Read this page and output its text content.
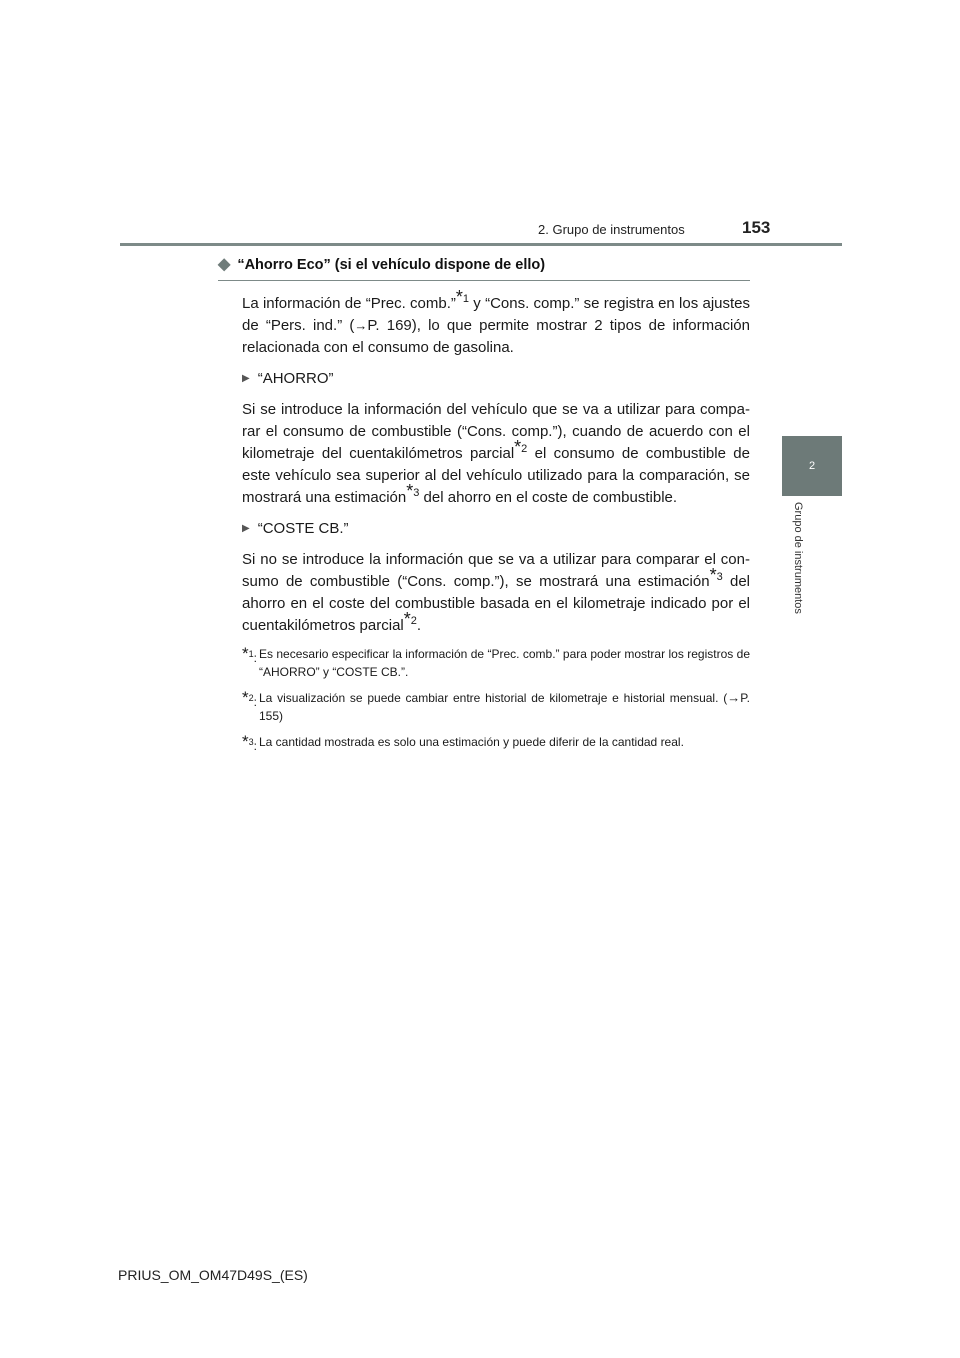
2. Grupo de instrumentos	153
2
Grupo de instrumentos
◆ “Ahorro Eco” (si el vehículo dispone de ello)

La información de “Prec. comb.”*$^1$ y “Cons. comp.” se registra en los ajustes de “Pers. ind.” (→P. 169), lo que permite mostrar 2 tipos de información relacionada con el consumo de gasolina.

▶ “AHORRO”

Si se introduce la información del vehículo que se va a utilizar para comparar el consumo de combustible (“Cons. comp.”), cuando de acuerdo con el kilometraje del cuentakilómetros parcial*$^2$ el consumo de combustible de este vehículo sea superior al del vehículo utilizado para la comparación, se mostrará una estimación*$^3$ del ahorro en el coste de combustible.

▶ “COSTE CB.”

Si no se introduce la información que se va a utilizar para comparar el consumo de combustible (“Cons. comp.”), se mostrará una estimación*$^3$ del ahorro en el coste del combustible basada en el kilometraje indicado por el cuentakilómetros parcial*$^2$.

*$^1$: Es necesario especificar la información de “Prec. comb.” para poder mostrar los registros de “AHORRO” y “COSTE CB.”.
*$^2$: La visualización se puede cambiar entre historial de kilometraje e historial mensual. (→P. 155)
*$^3$: La cantidad mostrada es solo una estimación y puede diferir de la cantidad real.
PRIUS_OM_OM47D49S_(ES)
